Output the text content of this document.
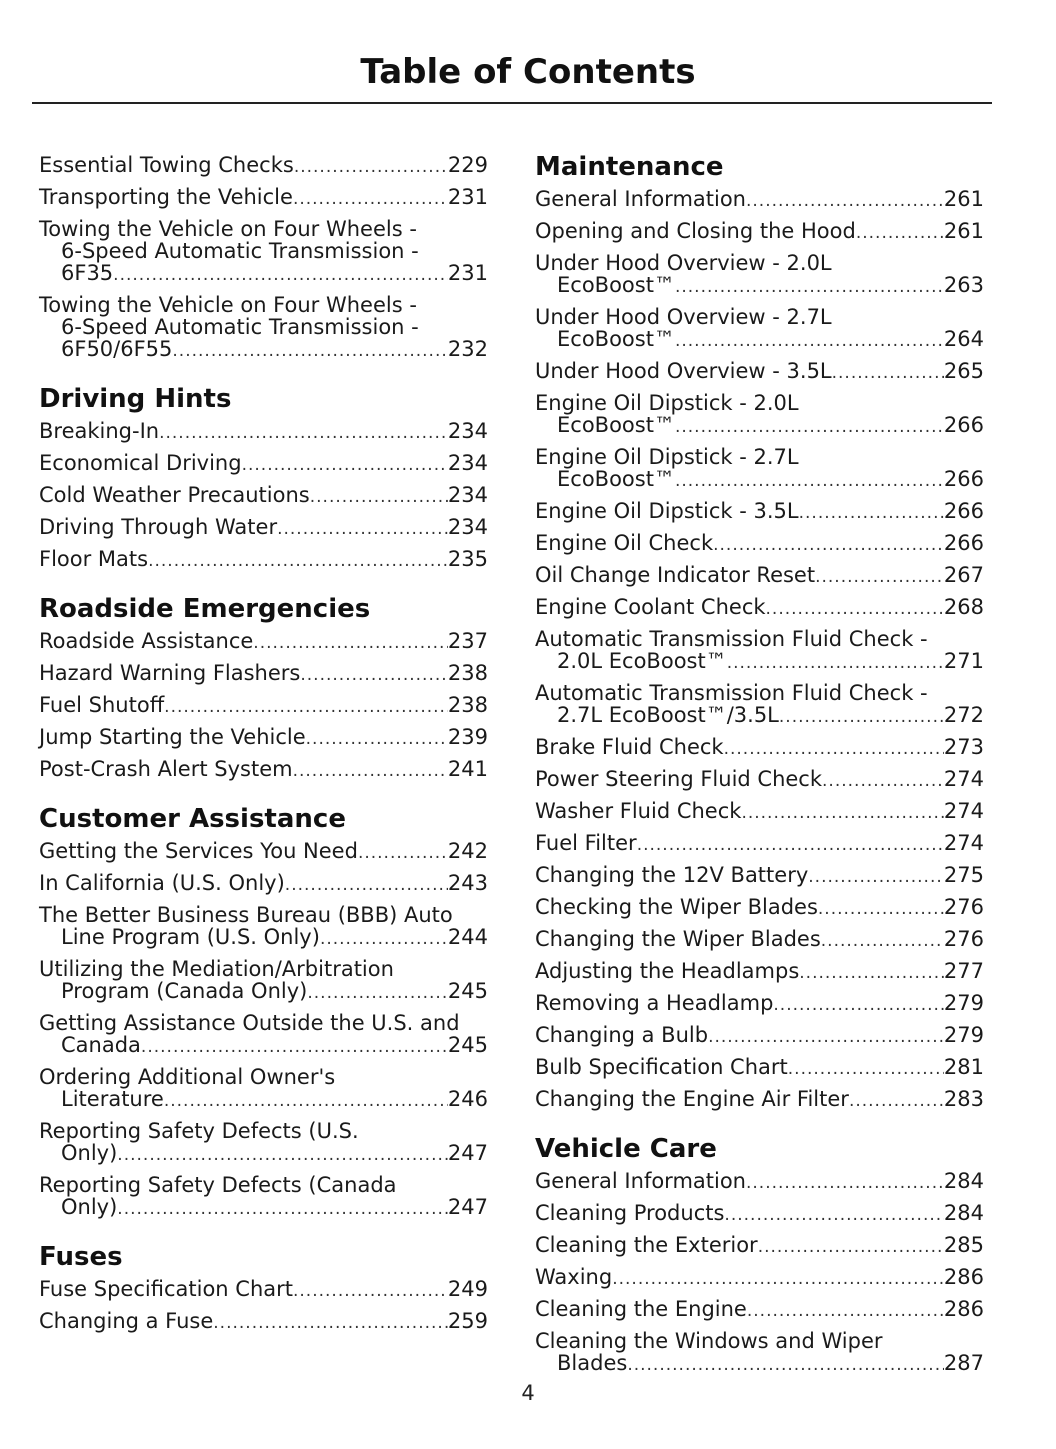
Table of Contents
Essential Towing Checks .....	229
Transporting the Vehicle .....	231
Towing the Vehicle on Four Wheels -
6-Speed Automatic Transmission -
6F35 .....	231
Towing the Vehicle on Four Wheels -
6-Speed Automatic Transmission -
6F50/6F55 .....	232
Driving Hints
Breaking-In .....	234
Economical Driving .....	234
Cold Weather Precautions .....	234
Driving Through Water .....	234
Floor Mats .....	235
Roadside Emergencies
Roadside Assistance .....	237
Hazard Warning Flashers .....	238
Fuel Shutoff .....	238
Jump Starting the Vehicle .....	239
Post-Crash Alert System .....	241
Customer Assistance
Getting the Services You Need .....	242
In California (U.S. Only) .....	243
The Better Business Bureau (BBB) Auto
Line Program (U.S. Only) .....	244
Utilizing the Mediation/Arbitration
Program (Canada Only) .....	245
Getting Assistance Outside the U.S. and
Canada .....	245
Ordering Additional Owner's
Literature .....	246
Reporting Safety Defects (U.S.
Only) .....	247
Reporting Safety Defects (Canada
Only) .....	247
Fuses
Fuse Specification Chart .....	249
Changing a Fuse .....	259
Maintenance
General Information .....	261
Opening and Closing the Hood .....	261
Under Hood Overview - 2.0L
EcoBoost™ .....	263
Under Hood Overview - 2.7L
EcoBoost™ .....	264
Under Hood Overview - 3.5L .....	265
Engine Oil Dipstick - 2.0L
EcoBoost™ .....	266
Engine Oil Dipstick - 2.7L
EcoBoost™ .....	266
Engine Oil Dipstick - 3.5L .....	266
Engine Oil Check .....	266
Oil Change Indicator Reset .....	267
Engine Coolant Check .....	268
Automatic Transmission Fluid Check -
2.0L EcoBoost™ .....	271
Automatic Transmission Fluid Check -
2.7L EcoBoost™/3.5L .....	272
Brake Fluid Check .....	273
Power Steering Fluid Check .....	274
Washer Fluid Check .....	274
Fuel Filter .....	274
Changing the 12V Battery .....	275
Checking the Wiper Blades .....	276
Changing the Wiper Blades .....	276
Adjusting the Headlamps .....	277
Removing a Headlamp .....	279
Changing a Bulb .....	279
Bulb Specification Chart .....	281
Changing the Engine Air Filter .....	283
Vehicle Care
General Information .....	284
Cleaning Products .....	284
Cleaning the Exterior .....	285
Waxing .....	286
Cleaning the Engine .....	286
Cleaning the Windows and Wiper
Blades .....	287
4
